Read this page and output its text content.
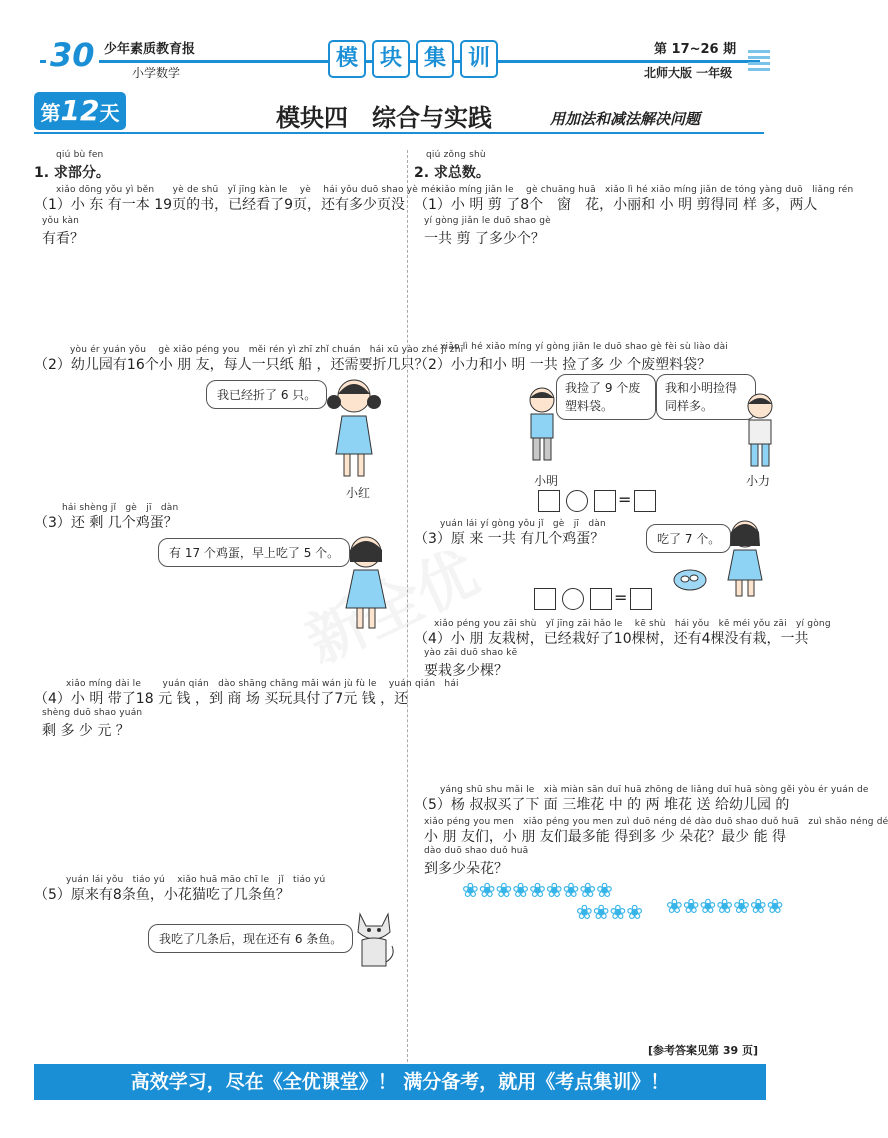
30 少年素质教育报
小学数学
第 17~26 期
北师大版 一年级
模 块 集 训
第12天	模块四　综合与实践	用加法和减法解决问题
qiú bù fen
1. 求部分。
xiǎo dōng yǒu yì běn　　yè de shū　yǐ jīng kàn le　 yè　 hái yǒu duō shao yè méi
（1）小 东 有一本 19页的书，已经看了9页，还有多少页没
yǒu kàn
有看？
yòu ér yuán yǒu　 gè xiǎo péng you　měi rén yì zhī zhǐ chuán　hái xū yào zhé jǐ zhī
（2）幼儿园有16个小 朋 友，每人一只纸 船 ，还需要折几只？
我已经折了 6 只。
小红
hái shèng jǐ　gè　jī　dàn
（3）还 剩 几个鸡蛋？
有 17 个鸡蛋，早上吃了 5 个。
xiǎo míng dài le　　 yuán qián　dào shāng chǎng mǎi wán jù fù le　 yuán qián　hái
（4）小 明 带了18 元 钱 ，到 商 场 买玩具付了7元 钱 ，还
shèng duō shao yuán
剩 多 少 元 ？
yuán lái yǒu　tiáo yú　 xiǎo huā māo chī le　jǐ　tiáo yú
（5）原来有8条鱼，小花猫吃了几条鱼？
我吃了几条后，现在还有 6 条鱼。
qiú zǒng shù
2. 求总数。
xiǎo míng jiǎn le　 gè chuāng huā　xiǎo lì hé xiǎo míng jiǎn de tóng yàng duō　liǎng rén
（1）小 明 剪 了8个　窗　花，小丽和 小 明 剪得同 样 多，两人
yí gòng jiǎn le duō shao gè
一共 剪 了多少个？
xiǎo lì hé xiǎo míng yí gòng jiǎn le duō shao gè fèi sù liào dài
（2）小力和小 明 一共 捡了多 少 个废塑料袋？
我捡了 9 个废塑料袋。
我和小明捡得同样多。
小明	小力
=
yuán lái yí gòng yǒu jǐ　gè　jī　dàn
（3）原 来 一共 有几个鸡蛋？	吃了 7 个。
=
xiǎo péng you zāi shù　yǐ jīng zāi hǎo le　 kē shù　hái yǒu　kē méi yǒu zāi　yí gòng
（4）小 朋 友栽树，已经栽好了10棵树，还有4棵没有栽，一共
yào zāi duō shao kē
要栽多少棵？
yáng shū shu mǎi le　xià miàn sān duī huā zhōng de liǎng duī huā sòng gěi yòu ér yuán de
（5）杨 叔叔买了下 面 三堆花 中 的 两 堆花 送 给幼儿园 的
xiǎo péng you men　xiǎo péng you men zuì duō néng dé dào duō shao duǒ huā　zuì shǎo néng dé
小 朋 友们，小 朋 友们最多能 得到多 少 朵花？最少 能 得
dào duō shao duǒ huā
到多少朵花？
❀❀❀❀❀❀❀❀❀
❀❀❀❀ ❀❀❀❀❀❀❀
[参考答案见第 39 页]
高效学习，尽在《全优课堂》！ 满分备考，就用《考点集训》！
